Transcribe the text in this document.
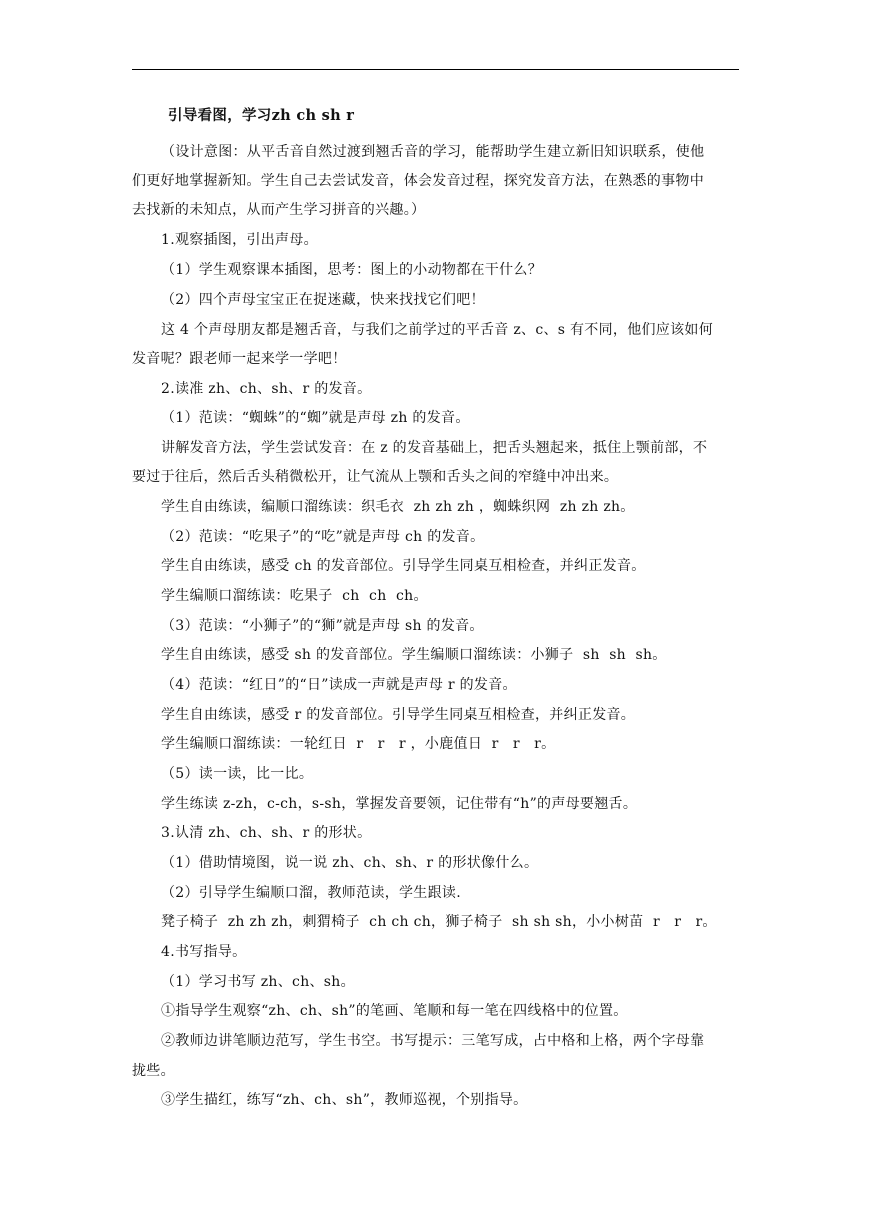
引导看图，学习zh ch sh r
（设计意图：从平舌音自然过渡到翘舌音的学习，能帮助学生建立新旧知识联系，使他
们更好地掌握新知。学生自己去尝试发音，体会发音过程，探究发音方法，在熟悉的事物中
去找新的未知点，从而产生学习拼音的兴趣。）
1.观察插图，引出声母。
（1）学生观察课本插图，思考：图上的小动物都在干什么？
（2）四个声母宝宝正在捉迷藏，快来找找它们吧！
这 4 个声母朋友都是翘舌音，与我们之前学过的平舌音 z、c、s 有不同，他们应该如何
发音呢？跟老师一起来学一学吧！
2.读准 zh、ch、sh、r 的发音。
（1）范读：“蜘蛛”的“蜘”就是声母 zh 的发音。
讲解发音方法，学生尝试发音：在 z 的发音基础上，把舌头翘起来，抵住上颚前部，不
要过于往后，然后舌头稍微松开，让气流从上颚和舌头之间的窄缝中冲出来。
学生自由练读，编顺口溜练读：织毛衣  zh zh zh ，蜘蛛织网  zh zh zh。
（2）范读：“吃果子”的“吃”就是声母 ch 的发音。
学生自由练读，感受 ch 的发音部位。引导学生同桌互相检查，并纠正发音。
学生编顺口溜练读：吃果子  ch  ch  ch。
（3）范读：“小狮子”的“狮”就是声母 sh 的发音。
学生自由练读，感受 sh 的发音部位。学生编顺口溜练读：小狮子  sh  sh  sh。
（4）范读：“红日”的“日”读成一声就是声母 r 的发音。
学生自由练读，感受 r 的发音部位。引导学生同桌互相检查，并纠正发音。
学生编顺口溜练读：一轮红日  r   r   r ，小鹿值日  r   r   r。
（5）读一读，比一比。
学生练读 z-zh，c-ch，s-sh，掌握发音要领，记住带有“h”的声母要翘舌。
3.认清 zh、ch、sh、r 的形状。
（1）借助情境图，说一说 zh、ch、sh、r 的形状像什么。
（2）引导学生编顺口溜，教师范读，学生跟读.
凳子椅子  zh zh zh，刺猬椅子  ch ch ch，狮子椅子  sh sh sh，小小树苗  r   r   r。
4.书写指导。
（1）学习书写 zh、ch、sh。
①指导学生观察“zh、ch、sh”的笔画、笔顺和每一笔在四线格中的位置。
②教师边讲笔顺边范写，学生书空。书写提示：三笔写成，占中格和上格，两个字母靠
拢些。
③学生描红，练写“zh、ch、sh”，教师巡视，个别指导。
